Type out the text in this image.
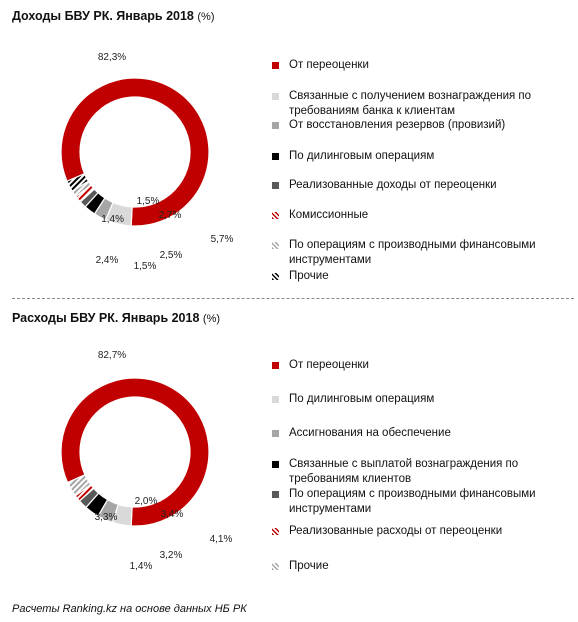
Доходы БВУ РК. Январь 2018 (%)
82,3%
5,7%
2,7%
2,5%
1,5%
1,5%
1,4%
2,4%
От переоценки
Связанные с получением вознаграждения по требованиям банка к клиентам
От восстановления резервов (провизий)
По дилинговым операциям
Реализованные доходы от переоценки
Комиссионные
По операциям с производными финансовыми инструментами
Прочие
Расходы БВУ РК. Январь 2018 (%)
82,7%
4,1%
3,4%
3,2%
2,0%
1,4%
3,3%
От переоценки
По дилинговым операциям
Ассигнования на обеспечение
Связанные с выплатой вознаграждения по требованиям клиентов
По операциям с производными финансовыми инструментами
Реализованные расходы от переоценки
Прочие
Расчеты Ranking.kz на основе данных НБ РК
